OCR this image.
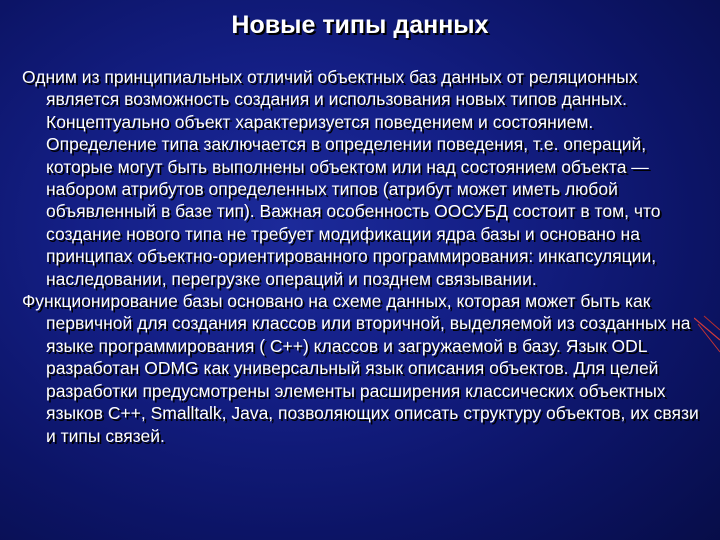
Новые типы данных

Одним из принципиальных отличий объектных баз данных от реляционных является возможность создания и использования новых типов данных. Концептуально объект характеризуется поведением и состоянием. Определение типа заключается в определении поведения, т.е. операций, которые могут быть выполнены объектом или над состоянием объекта — набором атрибутов определенных типов (атрибут может иметь любой объявленный в базе тип). Важная особенность ООСУБД состоит в том, что создание нового типа не требует модификации ядра базы и основано на принципах объектно-ориентированного программирования: инкапсуляции, наследовании, перегрузке операций и позднем связывании.

Функционирование базы основано на схеме данных, которая может быть как первичной для создания классов или вторичной, выделяемой из созданных на языке программирования ( С++) классов и загружаемой в базу. Язык ODL разработан ODMG как универсальный язык описания объектов. Для целей разработки предусмотрены элементы расширения классических объектных языков С++, Smalltalk, Java, позволяющих описать структуру объектов, их связи и типы связей.
